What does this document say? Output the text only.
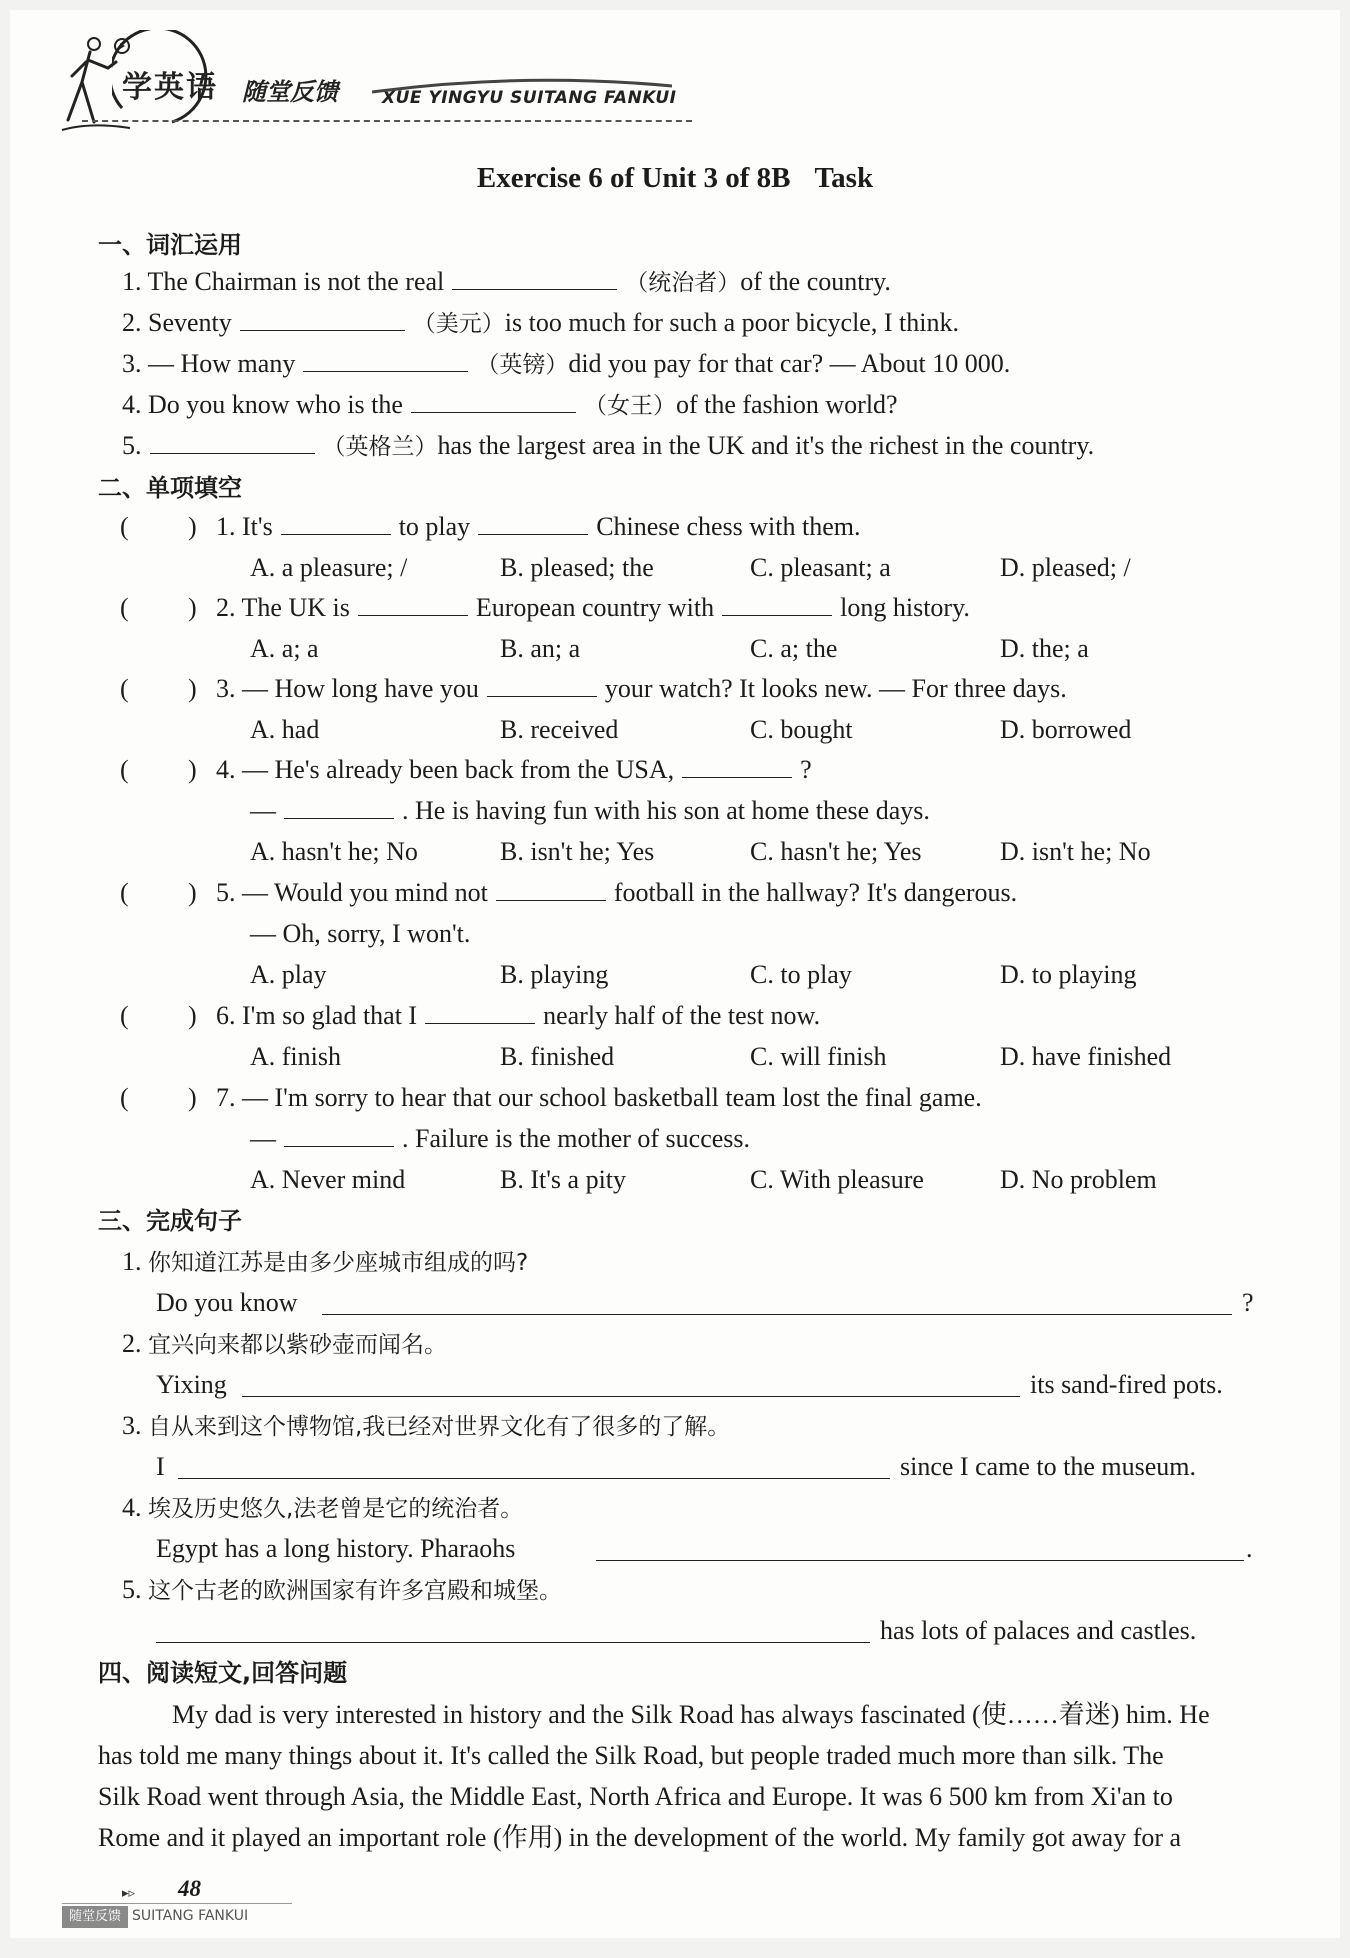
学英语 随堂反馈	XUE YINGYU SUITANG FANKUI
Exercise 6 of Unit 3 of 8B Task
一、词汇运用
1. The Chairman is not the real	（统治者）of the country.
2. Seventy	（美元）is too much for such a poor bicycle, I think.
3. — How many	（英镑）did you pay for that car? — About 10 000.
4. Do you know who is the	（女王）of the fashion world?
5.	（英格兰）has the largest area in the UK and it's the richest in the country.
二、单项填空
( ) 1. It's	to play	Chinese chess with them.
A. a pleasure; /	B. pleased; the	C. pleasant; a	D. pleased; /
( ) 2. The UK is	European country with	long history.
A. a; a	B. an; a	C. a; the	D. the; a
( ) 3. — How long have you	your watch? It looks new. — For three days.
A. had	B. received	C. bought	D. borrowed
( ) 4. — He's already been back from the USA,	?
—	. He is having fun with his son at home these days.
A. hasn't he; No	B. isn't he; Yes	C. hasn't he; Yes	D. isn't he; No
( ) 5. — Would you mind not	football in the hallway? It's dangerous.
— Oh, sorry, I won't.
A. play	B. playing	C. to play	D. to playing
( ) 6. I'm so glad that I	nearly half of the test now.
A. finish	B. finished	C. will finish	D. have finished
( ) 7. — I'm sorry to hear that our school basketball team lost the final game.
—	. Failure is the mother of success.
A. Never mind	B. It's a pity	C. With pleasure	D. No problem
三、完成句子
1. 你知道江苏是由多少座城市组成的吗?
Do you know	?
2. 宜兴向来都以紫砂壶而闻名。
Yixing	its sand-fired pots.
3. 自从来到这个博物馆,我已经对世界文化有了很多的了解。
I	since I came to the museum.
4. 埃及历史悠久,法老曾是它的统治者。
Egypt has a long history. Pharaohs	.
5. 这个古老的欧洲国家有许多宫殿和城堡。
has lots of palaces and castles.
四、阅读短文,回答问题
My dad is very interested in history and the Silk Road has always fascinated (使……着迷) him. He
has told me many things about it. It's called the Silk Road, but people traded much more than silk. The
Silk Road went through Asia, the Middle East, North Africa and Europe. It was 6 500 km from Xi'an to
Rome and it played an important role (作用) in the development of the world. My family got away for a
▸▹ 48
随堂反馈 SUITANG FANKUI
